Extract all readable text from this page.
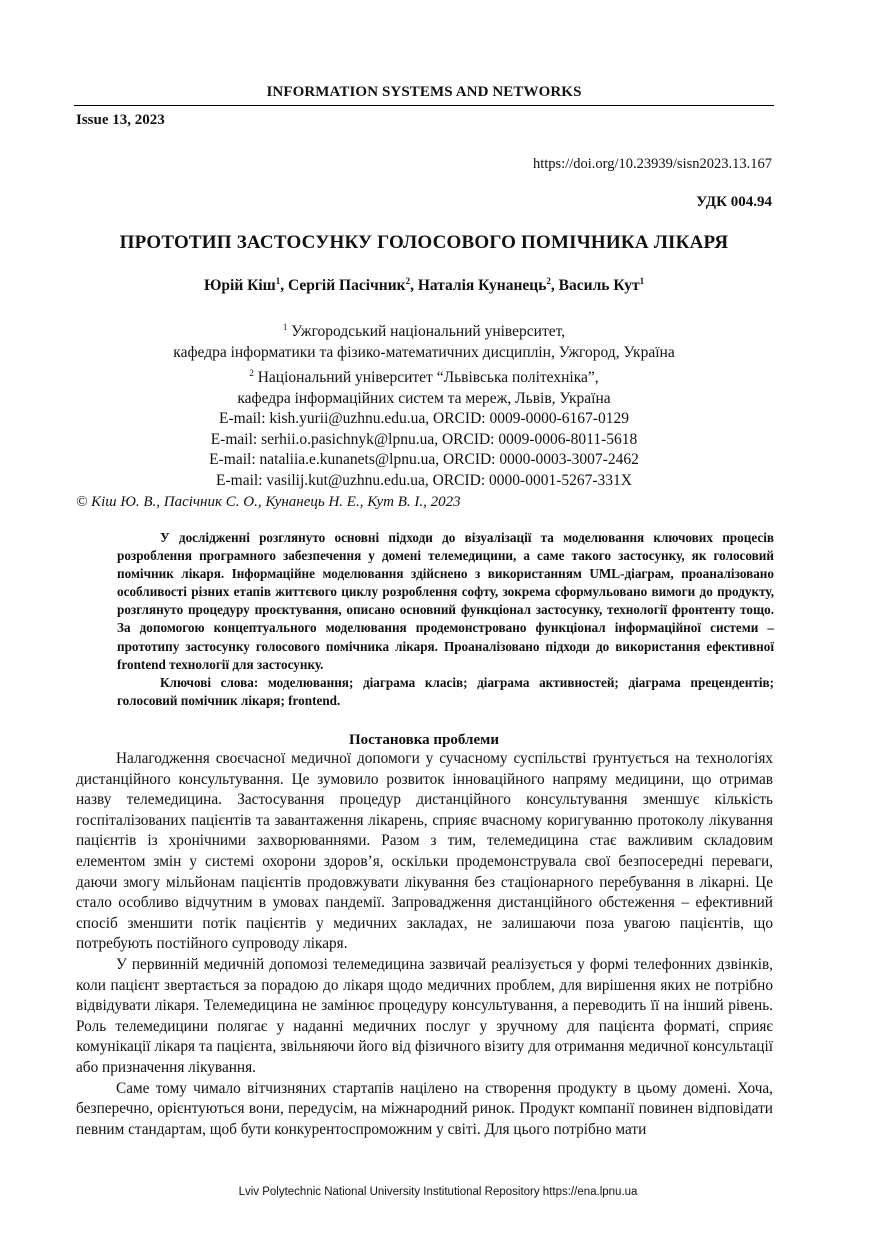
INFORMATION SYSTEMS AND NETWORKS
Issue 13, 2023
https://doi.org/10.23939/sisn2023.13.167
УДК 004.94
ПРОТОТИП ЗАСТОСУНКУ ГОЛОСОВОГО ПОМІЧНИКА ЛІКАРЯ
Юрій Кіш$^1$, Сергій Пасічник$^2$, Наталія Кунанець$^2$, Василь Кут$^1$
$^1$ Ужгородський національний університет,
кафедра інформатики та фізико-математичних дисциплін, Ужгород, Україна
$^2$ Національний університет “Львівська політехніка”,
кафедра інформаційних систем та мереж, Львів, Україна
E-mail: kish.yurii@uzhnu.edu.ua, ORCID: 0009-0000-6167-0129
E-mail: serhii.o.pasichnyk@lpnu.ua, ORCID: 0009-0006-8011-5618
E-mail: nataliia.e.kunanets@lpnu.ua, ORCID: 0000-0003-3007-2462
E-mail: vasilij.kut@uzhnu.edu.ua, ORCID: 0000-0001-5267-331X
© Кіш Ю. В., Пасічник С. О., Кунанець Н. Е., Кут В. І., 2023

У дослідженні розглянуто основні підходи до візуалізації та моделювання ключових процесів розроблення програмного забезпечення у домені телемедицини, а саме такого застосунку, як голосовий помічник лікаря. Інформаційне моделювання здійснено з використанням UML-діаграм, проаналізовано особливості різних етапів життєвого циклу розроблення софту, зокрема сформульовано вимоги до продукту, розглянуто процедуру проєктування, описано основний функціонал застосунку, технології фронтенту тощо. За допомогою концептуального моделювання продемонстровано функціонал інформаційної системи – прототипу застосунку голосового помічника лікаря. Проаналізовано підходи до використання ефективної frontend технології для застосунку.

Ключові слова: моделювання; діаграма класів; діаграма активностей; діаграма прецендентів; голосовий помічник лікаря; frontend.

Постановка проблеми

Налагодження своєчасної медичної допомоги у сучасному суспільстві ґрунтується на технологіях дистанційного консультування. Це зумовило розвиток інноваційного напряму медицини, що отримав назву телемедицина. Застосування процедур дистанційного консультування зменшує кількість госпіталізованих пацієнтів та завантаження лікарень, сприяє вчасному коригуванню протоколу лікування пацієнтів із хронічними захворюваннями. Разом з тим, телемедицина стає важливим складовим елементом змін у системі охорони здоров’я, оскільки продемонструвала свої безпосередні переваги, даючи змогу мільйонам пацієнтів продовжувати лікування без стаціонарного перебування в лікарні. Це стало особливо відчутним в умовах пандемії. Запровадження дистанційного обстеження – ефективний спосіб зменшити потік пацієнтів у медичних закладах, не залишаючи поза увагою пацієнтів, що потребують постійного супроводу лікаря.

У первинній медичній допомозі телемедицина зазвичай реалізується у формі телефонних дзвінків, коли пацієнт звертається за порадою до лікаря щодо медичних проблем, для вирішення яких не потрібно відвідувати лікаря. Телемедицина не замінює процедуру консультування, а переводить її на інший рівень. Роль телемедицини полягає у наданні медичних послуг у зручному для пацієнта форматі, сприяє комунікації лікаря та пацієнта, звільняючи його від фізичного візиту для отримання медичної консультації або призначення лікування.

Саме тому чимало вітчизняних стартапів націлено на створення продукту в цьому домені. Хоча, безперечно, орієнтуються вони, передусім, на міжнародний ринок. Продукт компанії повинен відповідати певним стандартам, щоб бути конкурентоспроможним у світі. Для цього потрібно мати

Lviv Polytechnic National University Institutional Repository https://ena.lpnu.ua
